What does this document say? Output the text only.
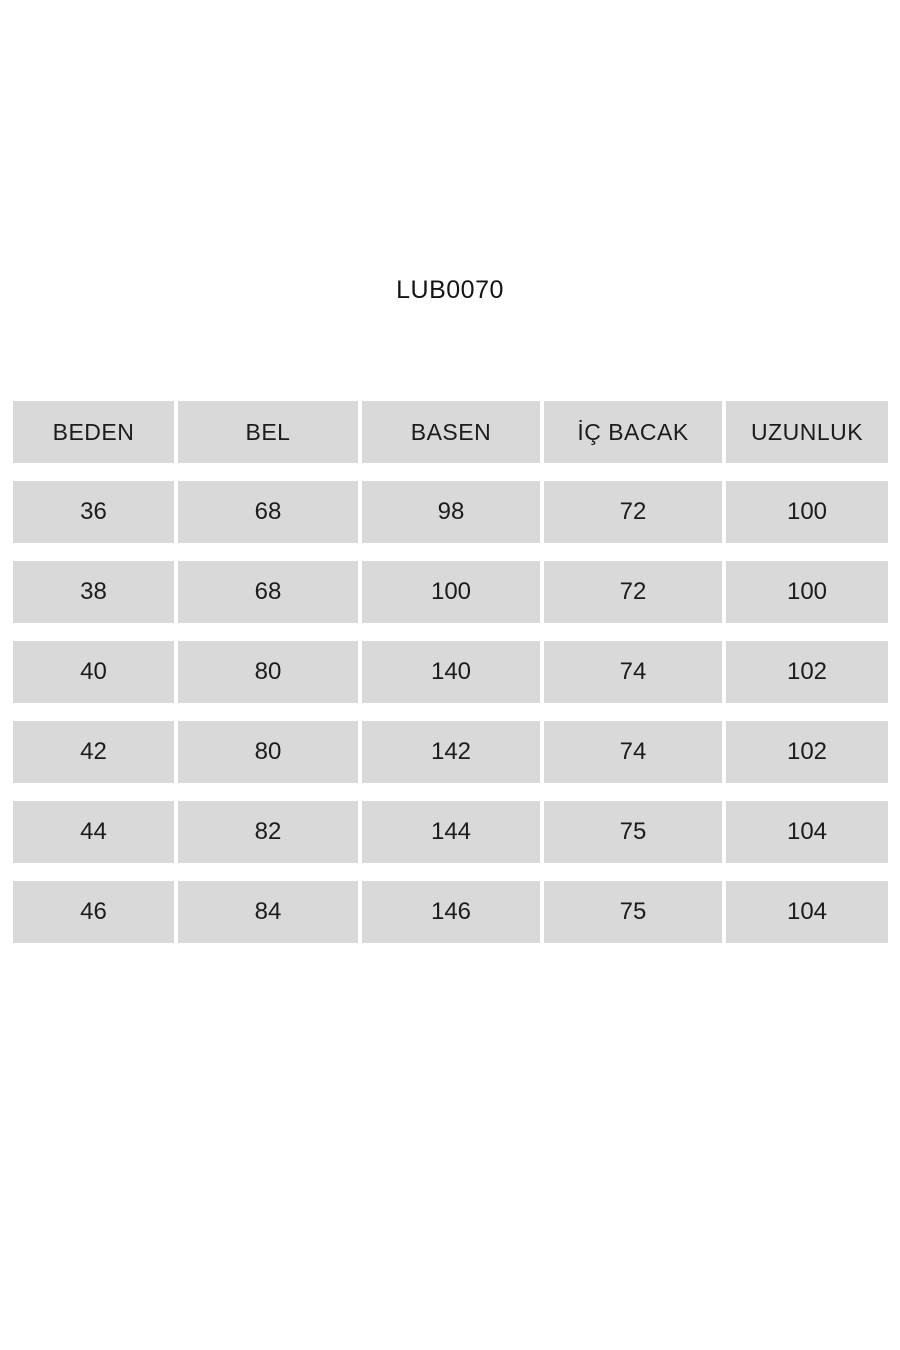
LUB0070
BEDEN	BEL	BASEN	İÇ BACAK	UZUNLUK
36	68	98	72	100
38	68	100	72	100
40	80	140	74	102
42	80	142	74	102
44	82	144	75	104
46	84	146	75	104
